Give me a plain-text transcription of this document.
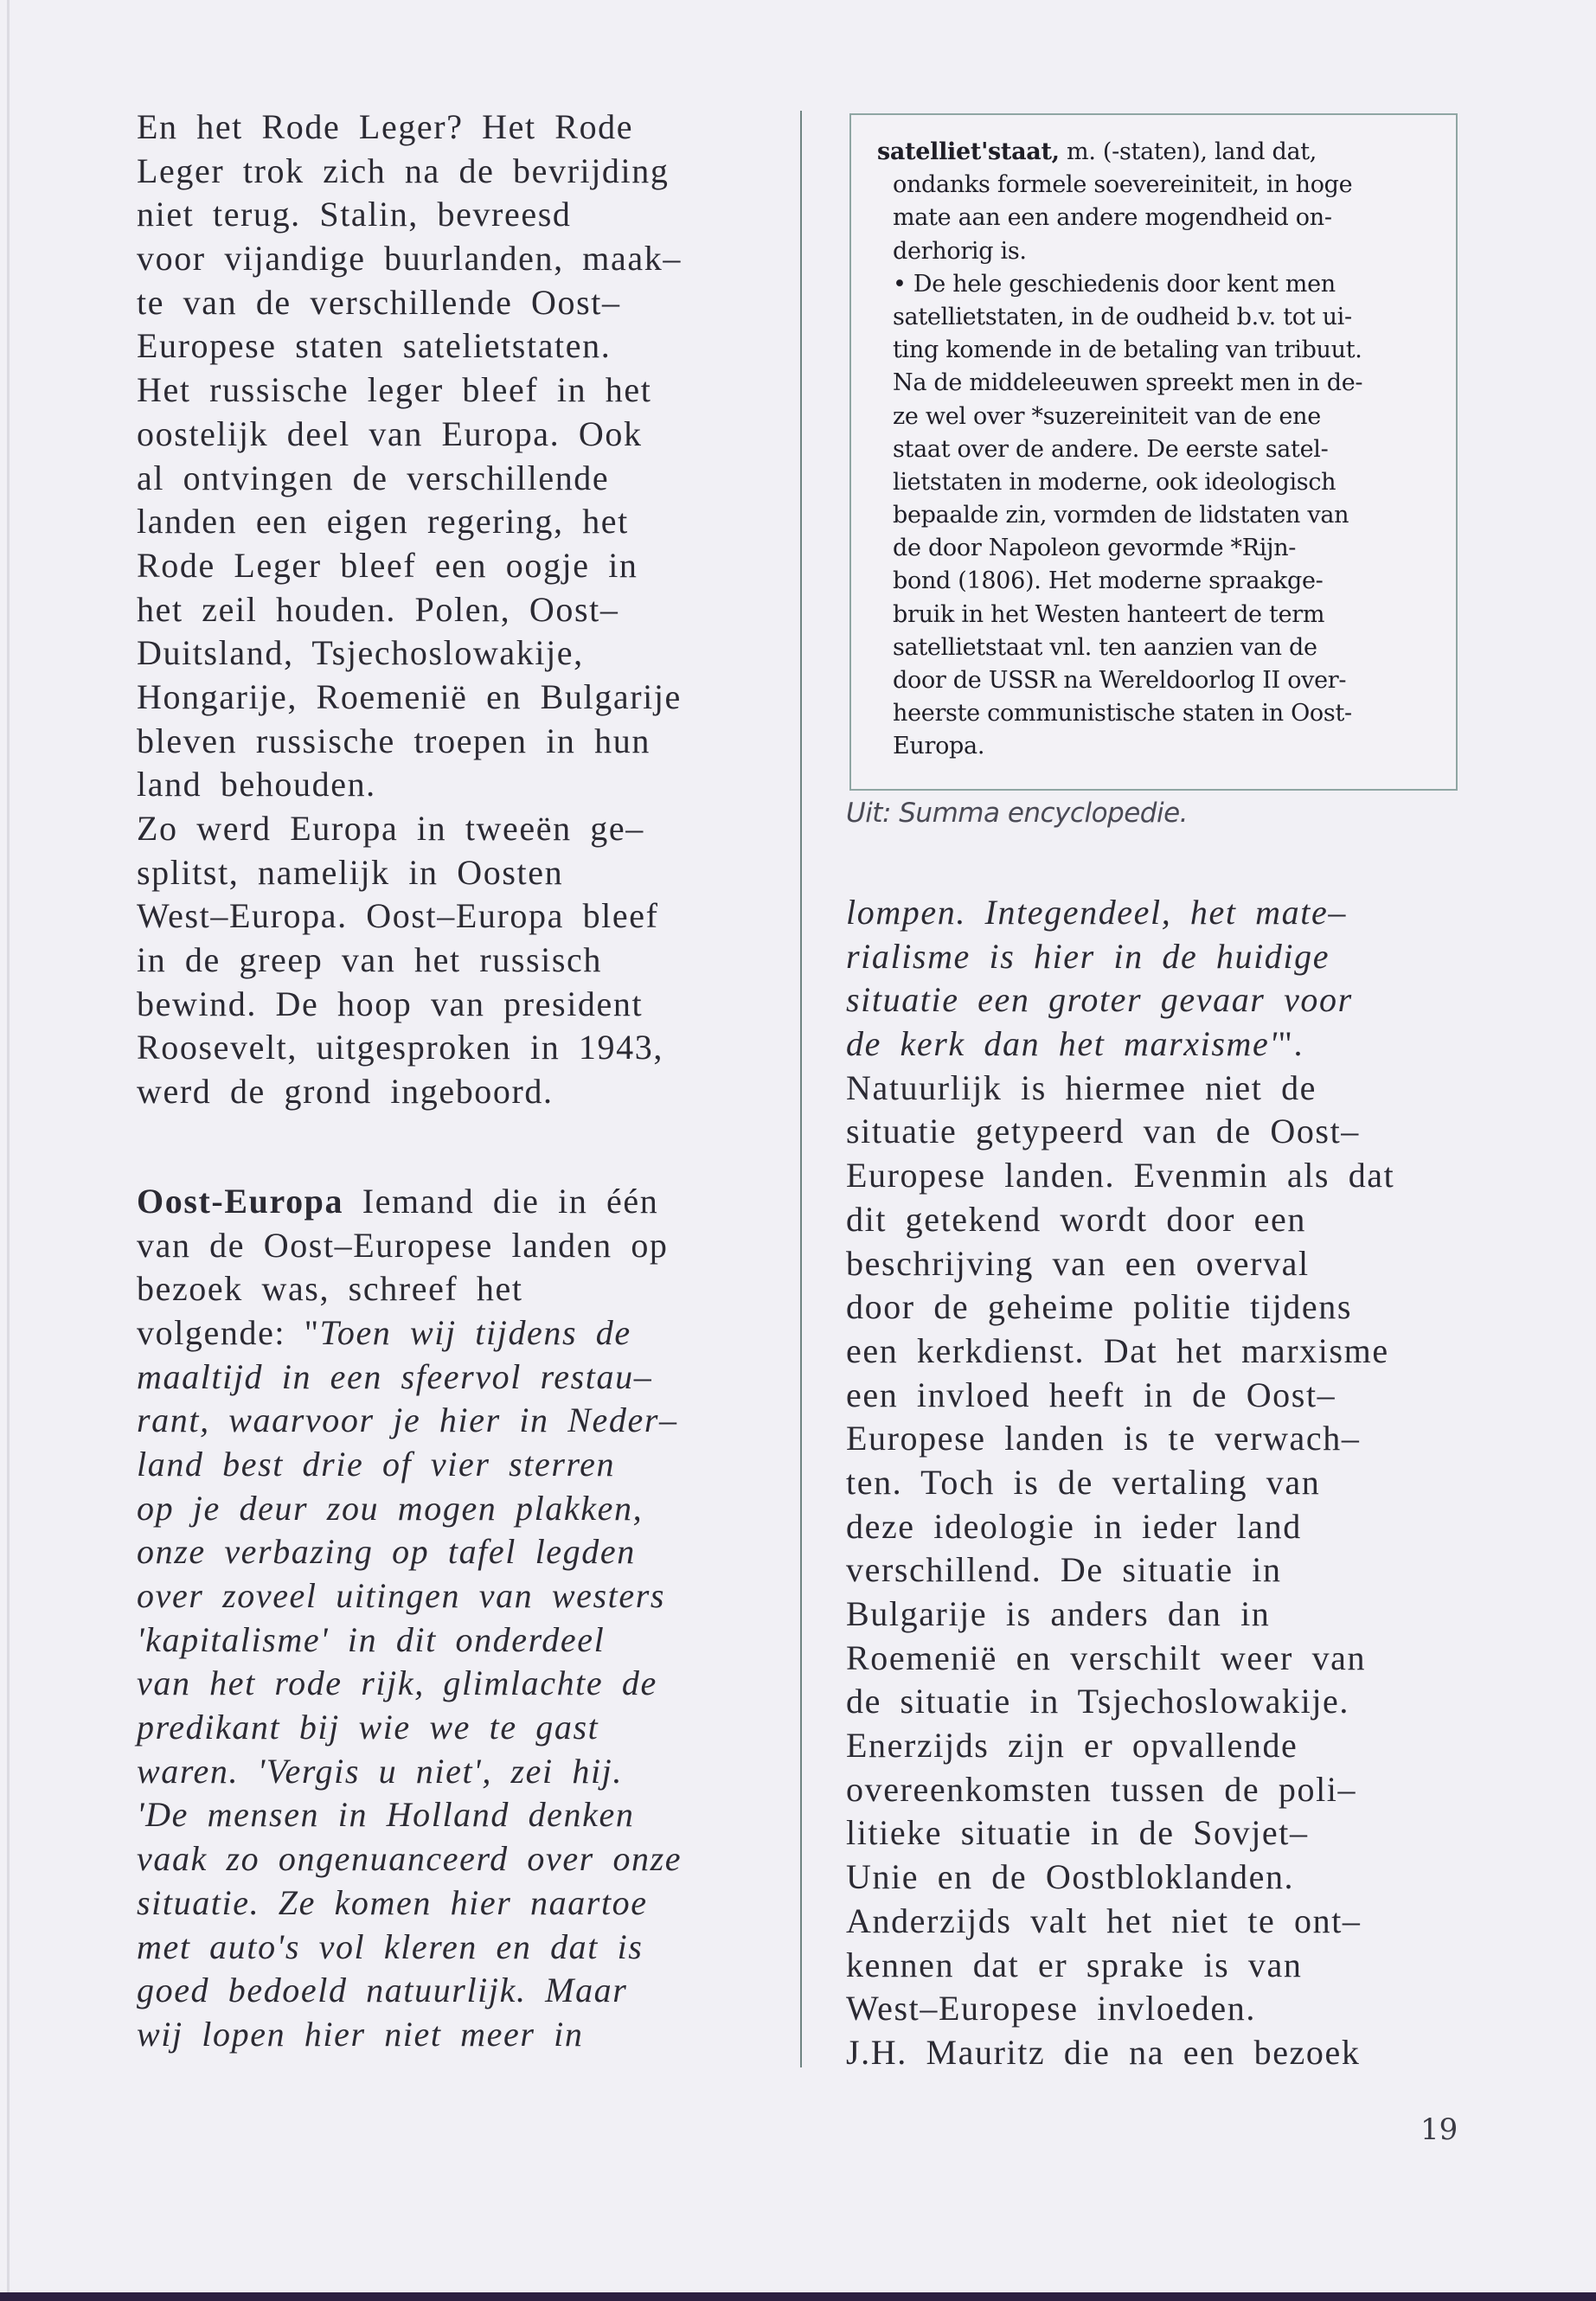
En het Rode Leger? Het Rode
Leger trok zich na de bevrijding
niet terug. Stalin, bevreesd
voor vijandige buurlanden, maak–
te van de verschillende Oost–
Europese staten satelietstaten.
Het russische leger bleef in het
oostelijk deel van Europa. Ook
al ontvingen de verschillende
landen een eigen regering, het
Rode Leger bleef een oogje in
het zeil houden. Polen, Oost–
Duitsland, Tsjechoslowakije,
Hongarije, Roemenië en Bulgarije
bleven russische troepen in hun
land behouden.
Zo werd Europa in tweeën ge–
splitst, namelijk in Oosten
West–Europa. Oost–Europa bleef
in de greep van het russisch
bewind. De hoop van president
Roosevelt, uitgesproken in 1943,
werd de grond ingeboord.
Oost-Europa Iemand die in één
van de Oost–Europese landen op
bezoek was, schreef het
volgende: "Toen wij tijdens de
maaltijd in een sfeervol restau–
rant, waarvoor je hier in Neder–
land best drie of vier sterren
op je deur zou mogen plakken,
onze verbazing op tafel legden
over zoveel uitingen van westers
'kapitalisme' in dit onderdeel
van het rode rijk, glimlachte de
predikant bij wie we te gast
waren. 'Vergis u niet', zei hij.
'De mensen in Holland denken
vaak zo ongenuanceerd over onze
situatie. Ze komen hier naartoe
met auto's vol kleren en dat is
goed bedoeld natuurlijk. Maar
wij lopen hier niet meer in
satelliet'staat, m. (-staten), land dat,
ondanks formele soevereiniteit, in hoge
mate aan een andere mogendheid on-
derhorig is.
• De hele geschiedenis door kent men
satellietstaten, in de oudheid b.v. tot ui-
ting komende in de betaling van tribuut.
Na de middeleeuwen spreekt men in de-
ze wel over *suzereiniteit van de ene
staat over de andere. De eerste satel-
lietstaten in moderne, ook ideologisch
bepaalde zin, vormden de lidstaten van
de door Napoleon gevormde *Rijn-
bond (1806). Het moderne spraakge-
bruik in het Westen hanteert de term
satellietstaat vnl. ten aanzien van de
door de USSR na Wereldoorlog II over-
heerste communistische staten in Oost-
Europa.
Uit: Summa encyclopedie.
lompen. Integendeel, het mate–
rialisme is hier in de huidige
situatie een groter gevaar voor
de kerk dan het marxisme'".
Natuurlijk is hiermee niet de
situatie getypeerd van de Oost–
Europese landen. Evenmin als dat
dit getekend wordt door een
beschrijving van een overval
door de geheime politie tijdens
een kerkdienst. Dat het marxisme
een invloed heeft in de Oost–
Europese landen is te verwach–
ten. Toch is de vertaling van
deze ideologie in ieder land
verschillend. De situatie in
Bulgarije is anders dan in
Roemenië en verschilt weer van
de situatie in Tsjechoslowakije.
Enerzijds zijn er opvallende
overeenkomsten tussen de poli–
litieke situatie in de Sovjet–
Unie en de Oostbloklanden.
Anderzijds valt het niet te ont–
kennen dat er sprake is van
West–Europese invloeden.
J.H. Mauritz die na een bezoek
19
